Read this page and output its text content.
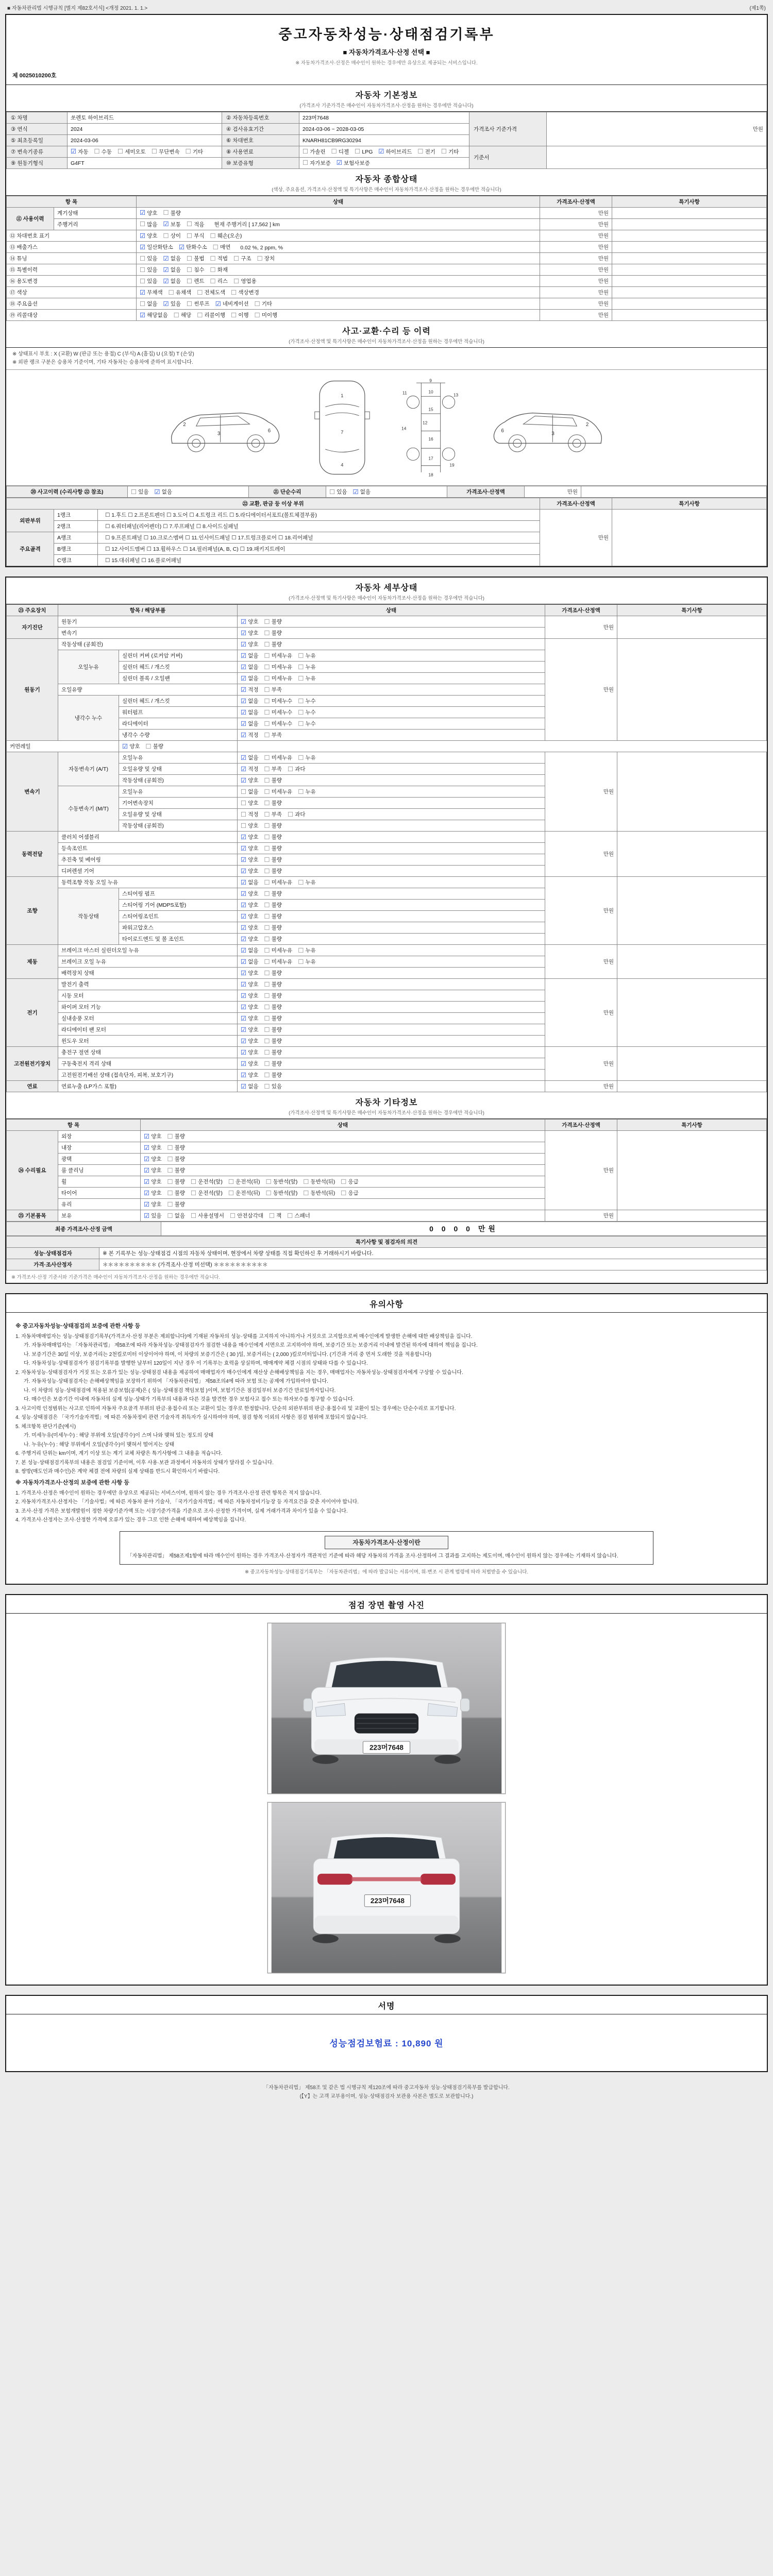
■ 자동차관리법 시행규칙 [별지 제82호서식] <개정 2021. 1. 1.>	(제1쪽)
중고자동차성능·상태점검기록부
■ 자동차가격조사·산정 선택 ■
※ 자동차가격조사·산정은 매수인이 원하는 경우에만 유상으로 제공되는 서비스입니다.
제 0025010200호
자동차 기본정보
(가격조사 기준가격은 매수인이 자동차가격조사·산정을 원하는 경우에만 적습니다)
① 차명	쏘렌토 하이브리드	② 자동차등록번호	223머7648	가격조사 기준가격	만원
③ 연식	2024	④ 검사유효기간	2024-03-06 ~ 2028-03-05		
⑤ 최초등록일	2024-03-06	⑥ 차대번호	KNARH81CB9RG30294		
⑦ 변속기종류	☑ 자동 ☐ 수동 ☐ 세미오토 ☐ 무단변속 ☐ 기타	⑧ 사용연료	☐ 가솔린 ☐ 디젤 ☐ LPG ☑ 하이브리드 ☐ 전기 ☐ 기타
	기준서	
⑨ 원동기형식	G4FT	⑩ 보증유형	☐ 자가보증 ☑ 보험사보증		
자동차 종합상태
(색상, 주요옵션, 가격조사·산정액 및 특기사항은 매수인이 자동차가격조사·산정을 원하는 경우에만 적습니다)
항 목		상태	가격조사·산정액	특기사항
⑪ 사용이력	계기상태	☑ 양호 ☐ 불량	만원	
주행거리	☐ 많음 ☑ 보통 ☐ 적음 현재 주행거리 [ 17,562 ] km	만원	
⑫ 차대번호 표기	☑ 양호 ☐ 상이 ☐ 부식 ☐ 훼손(오손)	만원	
⑬ 배출가스	☑ 일산화탄소 ☑ 탄화수소 ☐ 매연 0.02 %, 2 ppm, %	만원	
⑭ 튜닝	☐ 있음 ☑ 없음 ☐ 불법 ☐ 적법 ☐ 구조 ☐ 장치	만원	
⑮ 특별이력	☐ 있음 ☑ 없음 ☐ 침수 ☐ 화재	만원	
⑯ 용도변경	☐ 있음 ☑ 없음 ☐ 렌트 ☐ 리스 ☐ 영업용	만원	
⑰ 색상	☑ 무채색 ☐ 유채색 ☐ 전체도색 ☐ 색상변경	만원	
⑱ 주요옵션	☐ 없음 ☑ 있음 ☐ 썬루프 ☑ 네비게이션 ☐ 기타	만원	
⑲ 리콜대상	☑ 해당없음 ☐ 해당 ☐ 리콜이행 ☐ 이행 ☐ 미이행	만원	
사고·교환·수리 등 이력
(가격조사·산정액 및 특기사항은 매수인이 자동차가격조사·산정을 원하는 경우에만 적습니다)
※ 상태표시 부호 : X (교환) W (판금 또는 용접) C (부식) A (흠집) U (요철) T (손상)
※ 외판 랭크 구분은 승용차 기준이며, 기타 자동차는 승용차에 준하여 표시합니다.
2
3
6
1
7
4
9
10
11
12
13
14
15
16
17
18
19
2
3
6
⑳ 사고이력 (수리사항 ㉒ 참조)	☐ 있음 ☑ 없음	㉑ 단순수리	☐ 있음 ☑ 없음	가격조사·산정액	만원	
㉒ 교환, 판금 등 이상 부위			가격조사·산정액	특기사항
외판부위	1랭크	☐ 1.후드 ☐ 2.프론트펜더 ☐ 3.도어 ☐ 4.트렁크 리드 ☐ 5.라디에이터서포트(볼트체결부품)	만원	
	2랭크	☐ 6.쿼터패널(리어펜더) ☐ 7.루프패널 ☐ 8.사이드실패널		
주요골격	A랭크	☐ 9.프론트패널 ☐ 10.크로스멤버 ☐ 11.인사이드패널 ☐ 17.트렁크플로어 ☐ 18.리어패널		
	B랭크	☐ 12.사이드멤버 ☐ 13.휠하우스 ☐ 14.필러패널(A, B, C) ☐ 19.패키지트레이		
	C랭크	☐ 15.대쉬패널 ☐ 16.플로어패널		
자동차 세부상태
(가격조사·산정액 및 특기사항은 매수인이 자동차가격조사·산정을 원하는 경우에만 적습니다)
㉓ 주요장치	항목 / 해당부품		상태	가격조사·산정액	특기사항
자기진단	원동기		☑ 양호 ☐ 불량	만원	
	변속기		☑ 양호 ☐ 불량		

원동기	작동상태 (공회전)		☑ 양호 ☐ 불량	만원	
오일누유	실린더 커버 (로커암 커버)	☑ 없음 ☐ 미세누유 ☐ 누유

실린더 헤드 / 개스킷	☑ 없음 ☐ 미세누유 ☐ 누유

실린더 블록 / 오일팬	☑ 없음 ☐ 미세누유 ☐ 누유

	오일유량		☑ 적정 ☐ 부족		

냉각수 누수	실린더 헤드 / 개스킷	☑ 없음 ☐ 미세누수 ☐ 누수

워터펌프	☑ 없음 ☐ 미세누수 ☐ 누수

라디에이터	☑ 없음 ☐ 미세누수 ☐ 누수

		냉각수 수량	☑ 적정 ☐ 부족		

커먼레일		☑ 양호 ☐ 불량			

변속기	자동변속기 (A/T)	오일누유	☑ 없음 ☐ 미세누유 ☐ 누유
	만원	
오일유량 및 상태	☑ 적정 ☐ 부족 ☐ 과다

		작동상태 (공회전)	☑ 양호 ☐ 불량		

수동변속기 (M/T)	오일누유	☐ 없음 ☐ 미세누유 ☐ 누유

		기어변속장치	☐ 양호 ☐ 불량		

오일유량 및 상태	☐ 적정 ☐ 부족 ☐ 과다

		작동상태 (공회전)	☐ 양호 ☐ 불량		

동력전달	클러치 어셈블리		☑ 양호 ☐ 불량	만원	
	등속조인트		☑ 양호 ☐ 불량		

	추진축 및 베어링		☑ 양호 ☐ 불량		

	디퍼렌셜 기어		☑ 양호 ☐ 불량		

조향	동력조향 작동 오일 누유	☑ 없음 ☐ 미세누유 ☐ 누유
	만원	
	작동상태	스티어링 펌프	☑ 양호 ☐ 불량		

		스티어링 기어 (MDPS포함)	☑ 양호 ☐ 불량		

		스티어링조인트	☑ 양호 ☐ 불량		

		파워고압호스	☑ 양호 ☐ 불량		

		타이로드엔드 및 볼 조인트	☑ 양호 ☐ 불량		

제동	브레이크 마스터 실린더오일 누유	☑ 없음 ☐ 미세누유 ☐ 누유
	만원	
브레이크 오일 누유	☑ 없음 ☐ 미세누유 ☐ 누유

	배력장치 상태		☑ 양호 ☐ 불량		

전기	발전기 출력		☑ 양호 ☐ 불량	만원	
	시동 모터		☑ 양호 ☐ 불량		

	와이퍼 모터 기능		☑ 양호 ☐ 불량		

	실내송풍 모터		☑ 양호 ☐ 불량		

	라디에이터 팬 모터		☑ 양호 ☐ 불량		

	윈도우 모터		☑ 양호 ☐ 불량		

고전원전기장치	충전구 절연 상태		☑ 양호 ☐ 불량	만원	
	구동축전지 격리 상태		☑ 양호 ☐ 불량		

	고전원전기배선 상태 (접속단자, 피복, 보호기구)		☑ 양호 ☐ 불량		

연료	연료누출 (LP가스 포함)		☑ 없음 ☐ 있음	만원	
자동차 기타정보
(가격조사·산정액 및 특기사항은 매수인이 자동차가격조사·산정을 원하는 경우에만 적습니다)
항 목		상태	가격조사·산정액	특기사항
㉔ 수리필요	외장	☑ 양호 ☐ 불량	만원	
	내장	☑ 양호 ☐ 불량		

	광택	☑ 양호 ☐ 불량		

	룸 클리닝	☑ 양호 ☐ 불량		

휠	☑ 양호 ☐ 불량 ☐ 운전석(앞) ☐ 운전석(뒤) ☐ 동반석(앞) ☐ 동반석(뒤) ☐ 응급

타이어	☑ 양호 ☐ 불량 ☐ 운전석(앞) ☐ 운전석(뒤) ☐ 동반석(앞) ☐ 동반석(뒤) ☐ 응급

	유리	☑ 양호 ☐ 불량		

㉕ 기본품목	보유	☑ 있음 ☐ 없음 ☐ 사용설명서 ☐ 안전삼각대 ☐ 잭 ☐ 스패너	만원	
최종 가격조사·산정 금액	0 0 0 0 만원
특기사항 및 점검자의 의견	
성능·상태점검자	※ 본 기록부는 성능·상태점검 시점의 자동차 상태이며, 현장에서 차량 상태를 직접 확인하신 후 거래하시기 바랍니다.
가격·조사산정자	＊＊＊＊＊＊＊＊＊＊ (가격조사·산정 미선택) ＊＊＊＊＊＊＊＊＊＊
※ 가격조사·산정 기준서와 기준가격은 매수인이 자동차가격조사·산정을 원하는 경우에만 적습니다.
유의사항
※ 중고자동차성능·상태점검의 보증에 관한 사항 등

1. 자동차매매업자는 성능·상태점검기록부(가격조사·산정 부분은 제외합니다)에 기재된 자동차의 성능·상태를 고지하지 아니하거나 거짓으로 고지함으로써 매수인에게 발생한 손해에 대한 배상책임을 집니다.

가. 자동차매매업자는 「자동차관리법」 제58조에 따라 자동차성능·상태점검자가 점검한 내용을 매수인에게 서면으로 고지하여야 하며, 보증기간 또는 보증거리 이내에 발견된 하자에 대하여 책임을 집니다.

나. 보증기간은 30일 이상, 보증거리는 2천킬로미터 이상이어야 하며, 이 차량의 보증기간은 ( 30 )일, 보증거리는 ( 2,000 )킬로미터입니다. (기간과 거리 중 먼저 도래한 것을 적용합니다)

다. 자동차성능·상태점검자가 점검기록부를 발행한 날부터 120일이 지난 경우 이 기록부는 효력을 상실하며, 매매계약 체결 시점의 상태와 다를 수 있습니다.

2. 자동차성능·상태점검자가 거짓 또는 오류가 있는 성능·상태점검 내용을 제공하여 매매업자가 매수인에게 재산상 손해배상책임을 지는 경우, 매매업자는 자동차성능·상태점검자에게 구상할 수 있습니다.

가. 자동차성능·상태점검자는 손해배상책임을 보장하기 위하여 「자동차관리법」 제58조의4에 따라 보험 또는 공제에 가입하여야 합니다.

나. 이 차량의 성능·상태점검에 적용된 보증보험(공제)은 ( 성능·상태점검 책임보험 )이며, 보험기간은 점검일부터 보증기간 만료일까지입니다.

다. 매수인은 보증기간 이내에 자동차의 실제 성능·상태가 기록부의 내용과 다른 것을 발견한 경우 보험사고 접수 또는 하자보수를 청구할 수 있습니다.

3. 사고이력 인정범위는 사고로 인하여 자동차 주요골격 부위의 판금·용접수리 또는 교환이 있는 경우로 한정합니다. 단순히 외판부위의 판금·용접수리 및 교환이 있는 경우에는 단순수리로 표기합니다.

4. 성능·상태점검은 「국가기술자격법」에 따른 자동차정비 관련 기술자격 취득자가 실시하여야 하며, 점검 항목 이외의 사항은 점검 범위에 포함되지 않습니다.

5. 체크항목 판단기준(예시)

가. 미세누유(미세누수) : 해당 부위에 오일(냉각수)이 스며 나와 맺혀 있는 정도의 상태

나. 누유(누수) : 해당 부위에서 오일(냉각수)이 맺혀서 떨어지는 상태

6. 주행거리 단위는 km이며, 계기 이상 또는 계기 교체 차량은 특기사항에 그 내용을 적습니다.

7. 본 성능·상태점검기록부의 내용은 점검일 기준이며, 이후 사용·보관 과정에서 자동차의 상태가 달라질 수 있습니다.

8. 쌍방(매도인과 매수인)은 계약 체결 전에 차량의 실제 상태를 반드시 확인하시기 바랍니다.

※ 자동차가격조사·산정의 보증에 관한 사항 등

1. 가격조사·산정은 매수인이 원하는 경우에만 유상으로 제공되는 서비스이며, 원하지 않는 경우 가격조사·산정 관련 항목은 적지 않습니다.

2. 자동차가격조사·산정자는 「기술사법」에 따른 자동차 분야 기술사, 「국가기술자격법」에 따른 자동차정비기능장 등 자격요건을 갖춘 자이어야 합니다.

3. 조사·산정 가격은 보험개발원이 정한 차량기준가액 또는 시장기준가격을 기준으로 조사·산정한 가격이며, 실제 거래가격과 차이가 있을 수 있습니다.

4. 가격조사·산정자는 조사·산정한 가격에 오류가 있는 경우 그로 인한 손해에 대하여 배상책임을 집니다.

자동차가격조사·산정이란
「자동차관리법」 제58조제1항에 따라 매수인이 원하는 경우 가격조사·산정자가 객관적인 기준에 따라 해당 자동차의 가격을 조사·산정하여 그 결과를 고지하는 제도이며, 매수인이 원하지 않는 경우에는 기재하지 않습니다.
※ 중고자동차성능·상태점검기록부는 「자동차관리법」에 따라 발급되는 서류이며, 위·변조 시 관계 법령에 따라 처벌받을 수 있습니다.
점검 장면 촬영 사진
223머7648
223머7648
서명
성능점검보험료 : 10,890 원
「자동차관리법」 제58조 및 같은 법 시행규칙 제120조에 따라 중고자동차 성능·상태점검기록부를 발급합니다.
(【Y】는 고객 교부용이며, 성능·상태점검자 보관용 사본은 별도로 보관합니다.)
